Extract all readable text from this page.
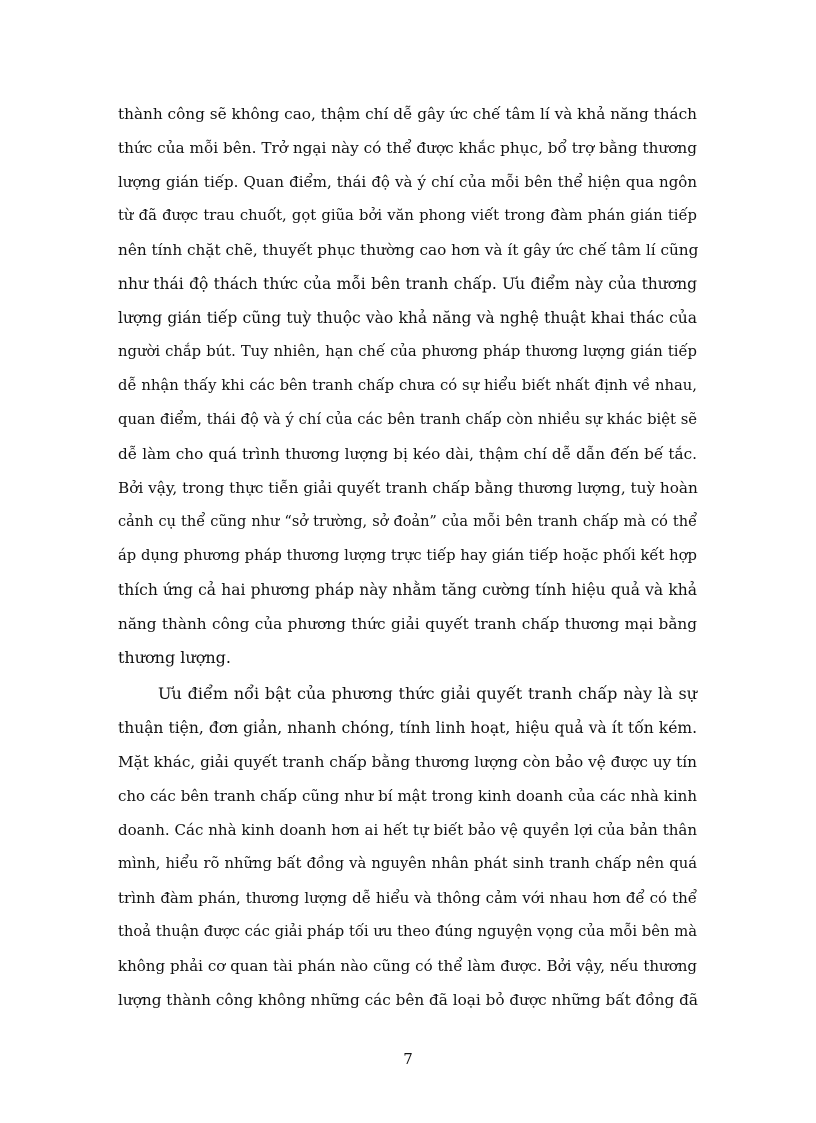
thành công sẽ không cao, thậm chí dễ gây ức chế tâm lí và khả năng thách
thức của mỗi bên. Trở ngại này có thể được khắc phục, bổ trợ bằng thương
lượng gián tiếp. Quan điểm, thái độ và ý chí của mỗi bên thể hiện qua ngôn
từ đã được trau chuốt, gọt giũa bởi văn phong viết trong đàm phán gián tiếp
nên tính chặt chẽ, thuyết phục thường cao hơn và ít gây ức chế tâm lí cũng
như thái độ thách thức của mỗi bên tranh chấp. Ưu điểm này của thương
lượng gián tiếp cũng tuỳ thuộc vào khả năng và nghệ thuật khai thác của
người chắp bút. Tuy nhiên, hạn chế của phương pháp thương lượng gián tiếp
dễ nhận thấy khi các bên tranh chấp chưa có sự hiểu biết nhất định về nhau,
quan điểm, thái độ và ý chí của các bên tranh chấp còn nhiều sự khác biệt sẽ
dễ làm cho quá trình thương lượng bị kéo dài, thậm chí dễ dẫn đến bế tắc.
Bởi vậy, trong thực tiễn giải quyết tranh chấp bằng thương lượng, tuỳ hoàn
cảnh cụ thể cũng như “sở trường, sở đoản” của mỗi bên tranh chấp mà có thể
áp dụng phương pháp thương lượng trực tiếp hay gián tiếp hoặc phối kết hợp
thích ứng cả hai phương pháp này nhằm tăng cường tính hiệu quả và khả
năng thành công của phương thức giải quyết tranh chấp thương mại bằng
thương lượng.
Ưu điểm nổi bật của phương thức giải quyết tranh chấp này là sự
thuận tiện, đơn giản, nhanh chóng, tính linh hoạt, hiệu quả và ít tốn kém.
Mặt khác, giải quyết tranh chấp bằng thương lượng còn bảo vệ được uy tín
cho các bên tranh chấp cũng như bí mật trong kinh doanh của các nhà kinh
doanh. Các nhà kinh doanh hơn ai hết tự biết bảo vệ quyền lợi của bản thân
mình, hiểu rõ những bất đồng và nguyên nhân phát sinh tranh chấp nên quá
trình đàm phán, thương lượng dễ hiểu và thông cảm với nhau hơn để có thể
thoả thuận được các giải pháp tối ưu theo đúng nguyện vọng của mỗi bên mà
không phải cơ quan tài phán nào cũng có thể làm được. Bởi vậy, nếu thương
lượng thành công không những các bên đã loại bỏ được những bất đồng đã
7
